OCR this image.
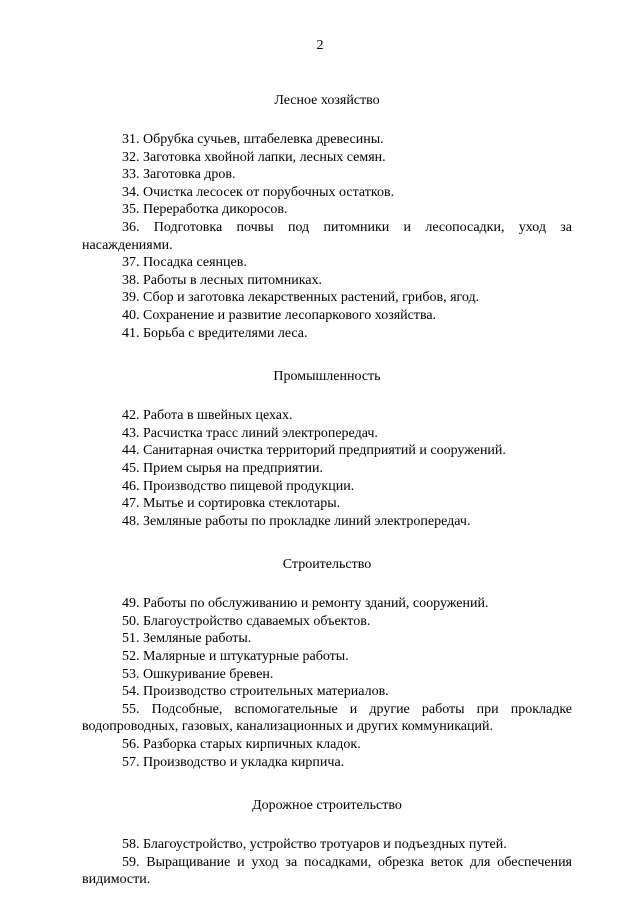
2
Лесное хозяйство

31. Обрубка сучьев, штабелевка древесины.

32. Заготовка хвойной лапки, лесных семян.

33. Заготовка дров.

34. Очистка лесосек от порубочных остатков.

35. Переработка дикоросов.

36. Подготовка почвы под питомники и лесопосадки, уход за насаждениями.

37. Посадка сеянцев.

38. Работы в лесных питомниках.

39. Сбор и заготовка лекарственных растений, грибов, ягод.

40. Сохранение и развитие лесопаркового хозяйства.

41. Борьба с вредителями леса.

Промышленность

42. Работа в швейных цехах.

43. Расчистка трасс линий электропередач.

44. Санитарная очистка территорий предприятий и сооружений.

45. Прием сырья на предприятии.

46. Производство пищевой продукции.

47. Мытье и сортировка стеклотары.

48. Земляные работы по прокладке линий электропередач.

Строительство

49. Работы по обслуживанию и ремонту зданий, сооружений.

50. Благоустройство сдаваемых объектов.

51. Земляные работы.

52. Малярные и штукатурные работы.

53. Ошкуривание бревен.

54. Производство строительных материалов.

55. Подсобные, вспомогательные и другие работы при прокладке водопроводных, газовых, канализационных и других коммуникаций.

56. Разборка старых кирпичных кладок.

57. Производство и укладка кирпича.

Дорожное строительство

58. Благоустройство, устройство тротуаров и подъездных путей.

59. Выращивание и уход за посадками, обрезка веток для обеспечения видимости.
